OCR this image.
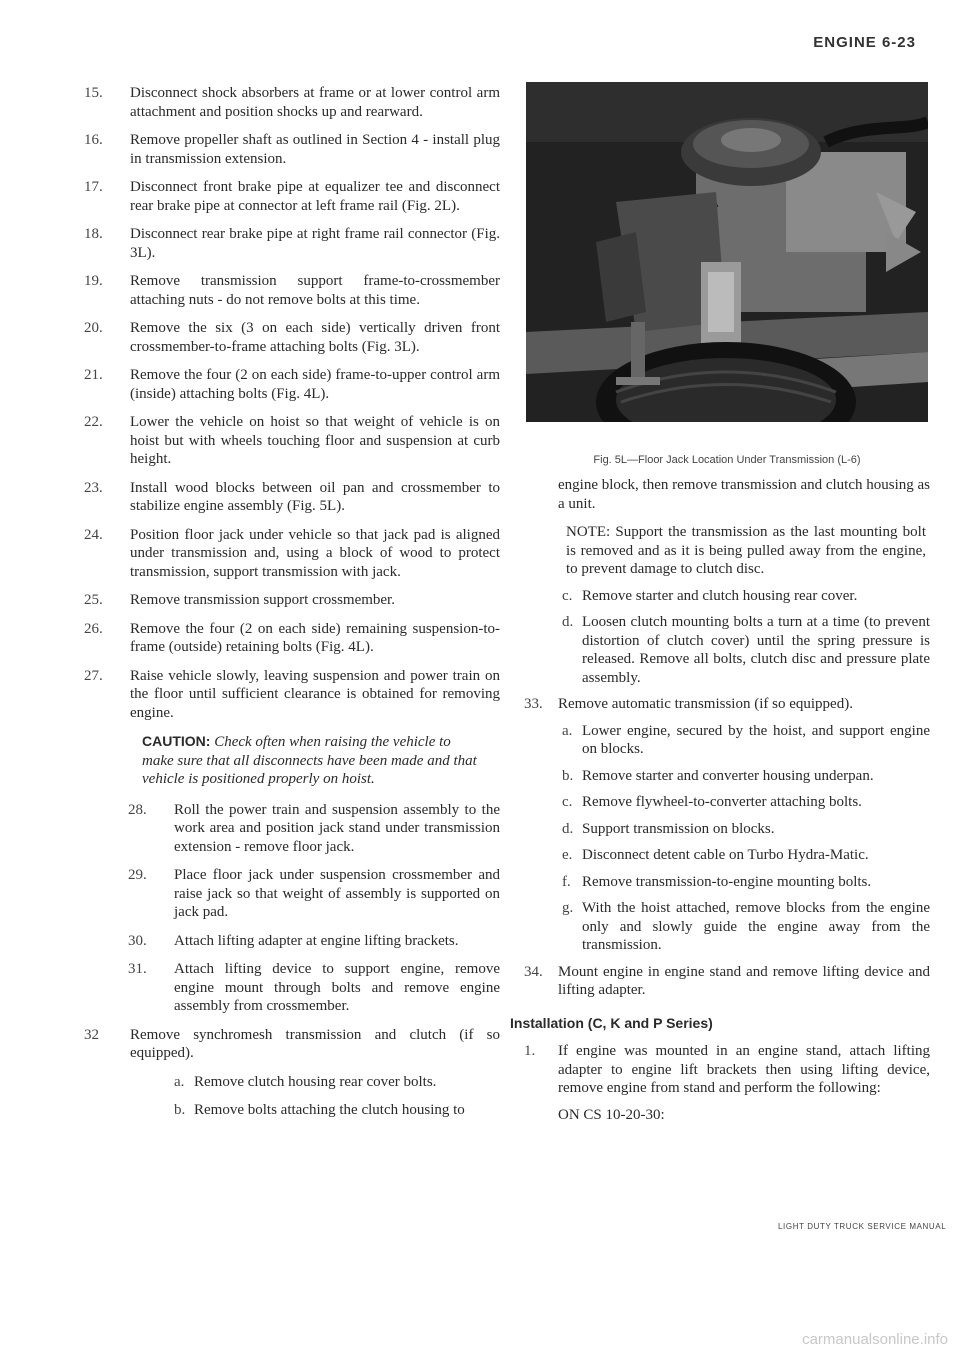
ENGINE 6-23
15.	Disconnect shock absorbers at frame or at lower control arm attachment and position shocks up and rearward.
16.	Remove propeller shaft as outlined in Section 4 - install plug in transmission extension.
17.	Disconnect front brake pipe at equalizer tee and disconnect rear brake pipe at connector at left frame rail (Fig. 2L).
18.	Disconnect rear brake pipe at right frame rail connector (Fig. 3L).
19.	Remove transmission support frame-to-crossmember attaching nuts - do not remove bolts at this time.
20.	Remove the six (3 on each side) vertically driven front crossmember-to-frame attaching bolts (Fig. 3L).
21.	Remove the four (2 on each side) frame-to-upper control arm (inside) attaching bolts (Fig. 4L).
22.	Lower the vehicle on hoist so that weight of vehicle is on hoist but with wheels touching floor and suspension at curb height.
23.	Install wood blocks between oil pan and crossmember to stabilize engine assembly (Fig. 5L).
24.	Position floor jack under vehicle so that jack pad is aligned under transmission and, using a block of wood to protect transmission, support transmission with jack.
25.	Remove transmission support crossmember.
26.	Remove the four (2 on each side) remaining suspension-to-frame (outside) retaining bolts (Fig. 4L).
27.	Raise vehicle slowly, leaving suspension and power train on the floor until sufficient clearance is obtained for removing engine.
CAUTION: Check often when raising the vehicle to make sure that all disconnects have been made and that vehicle is positioned properly on hoist.
28.	Roll the power train and suspension assembly to the work area and position jack stand under transmission extension - remove floor jack.
29.	Place floor jack under suspension crossmember and raise jack so that weight of assembly is supported on jack pad.
30.	Attach lifting adapter at engine lifting brackets.
31.	Attach lifting device to support engine, remove engine mount through bolts and remove engine assembly from crossmember.
32	Remove synchromesh transmission and clutch (if so equipped).
a. Remove clutch housing rear cover bolts.
b. Remove bolts attaching the clutch housing to
Fig. 5L—Floor Jack Location Under Transmission (L-6)
engine block, then remove transmission and clutch housing as a unit.
NOTE: Support the transmission as the last mounting bolt is removed and as it is being pulled away from the engine, to prevent damage to clutch disc.
c. Remove starter and clutch housing rear cover.
d. Loosen clutch mounting bolts a turn at a time (to prevent distortion of clutch cover) until the spring pressure is released. Remove all bolts, clutch disc and pressure plate assembly.
33.	Remove automatic transmission (if so equipped).
a. Lower engine, secured by the hoist, and support engine on blocks.
b. Remove starter and converter housing underpan.
c. Remove flywheel-to-converter attaching bolts.
d. Support transmission on blocks.
e. Disconnect detent cable on Turbo Hydra-Matic.
f. Remove transmission-to-engine mounting bolts.
g. With the hoist attached, remove blocks from the engine only and slowly guide the engine away from the transmission.
34.	Mount engine in engine stand and remove lifting device and lifting adapter.
Installation (C, K and P Series)
1.	If engine was mounted in an engine stand, attach lifting adapter to engine lift brackets then using lifting device, remove engine from stand and perform the following:
ON CS 10-20-30:
LIGHT DUTY TRUCK SERVICE MANUAL
carmanualsonline.info
